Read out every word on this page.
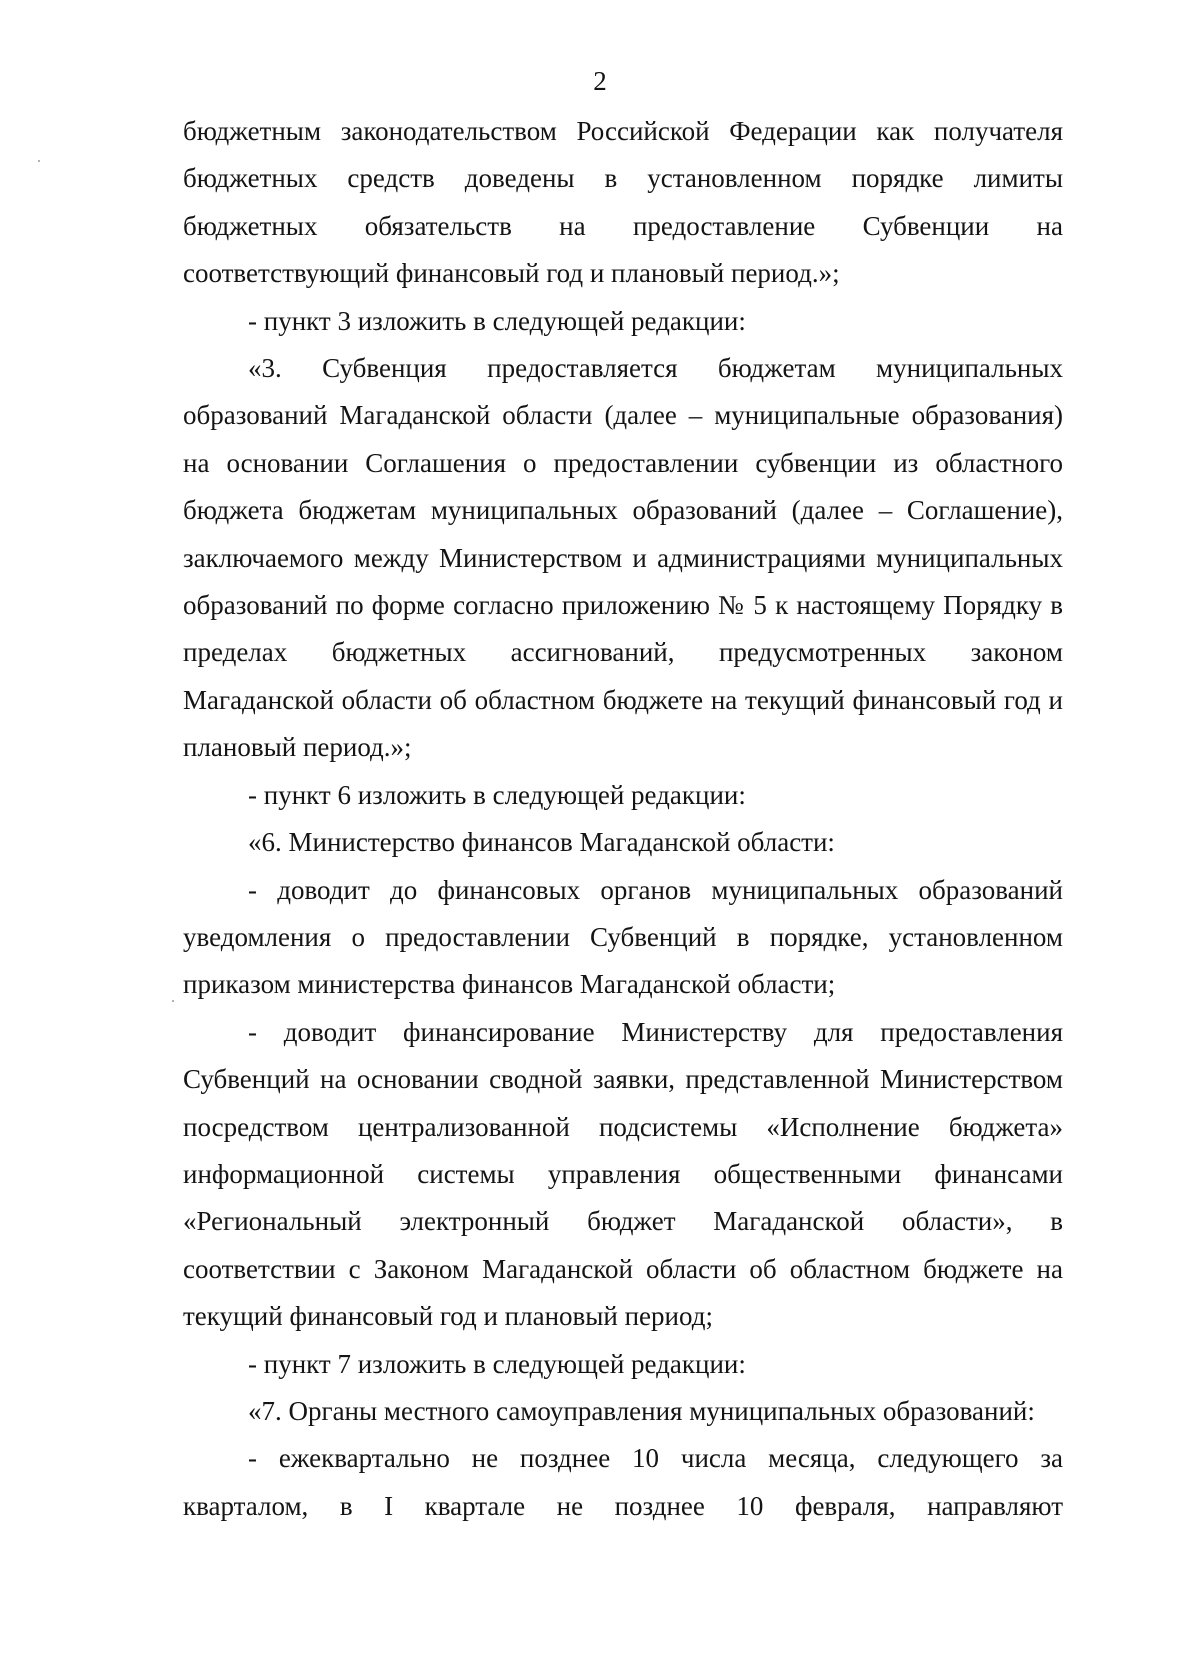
2

бюджетным законодательством Российской Федерации как получателя бюджетных средств доведены в установленном порядке лимиты бюджетных обязательств на предоставление Субвенции на соответствующий финансовый год и плановый период.»;

- пункт 3 изложить в следующей редакции:

«3. Субвенция предоставляется бюджетам муниципальных образований Магаданской области (далее – муниципальные образования) на основании Соглашения о предоставлении субвенции из областного бюджета бюджетам муниципальных образований (далее – Соглашение), заключаемого между Министерством и администрациями муниципальных образований по форме согласно приложению № 5 к настоящему Порядку в пределах бюджетных ассигнований, предусмотренных законом Магаданской области об областном бюджете на текущий финансовый год и плановый период.»;

- пункт 6 изложить в следующей редакции:

«6. Министерство финансов Магаданской области:

- доводит до финансовых органов муниципальных образований уведомления о предоставлении Субвенций в порядке, установленном приказом министерства финансов Магаданской области;

- доводит финансирование Министерству для предоставления Субвенций на основании сводной заявки, представленной Министерством посредством централизованной подсистемы «Исполнение бюджета» информационной системы управления общественными финансами «Региональный электронный бюджет Магаданской области», в соответствии с Законом Магаданской области об областном бюджете на текущий финансовый год и плановый период;

- пункт 7 изложить в следующей редакции:

«7. Органы местного самоуправления муниципальных образований:

- ежеквартально не позднее 10 числа месяца, следующего за кварталом, в I квартале не позднее 10 февраля, направляют
